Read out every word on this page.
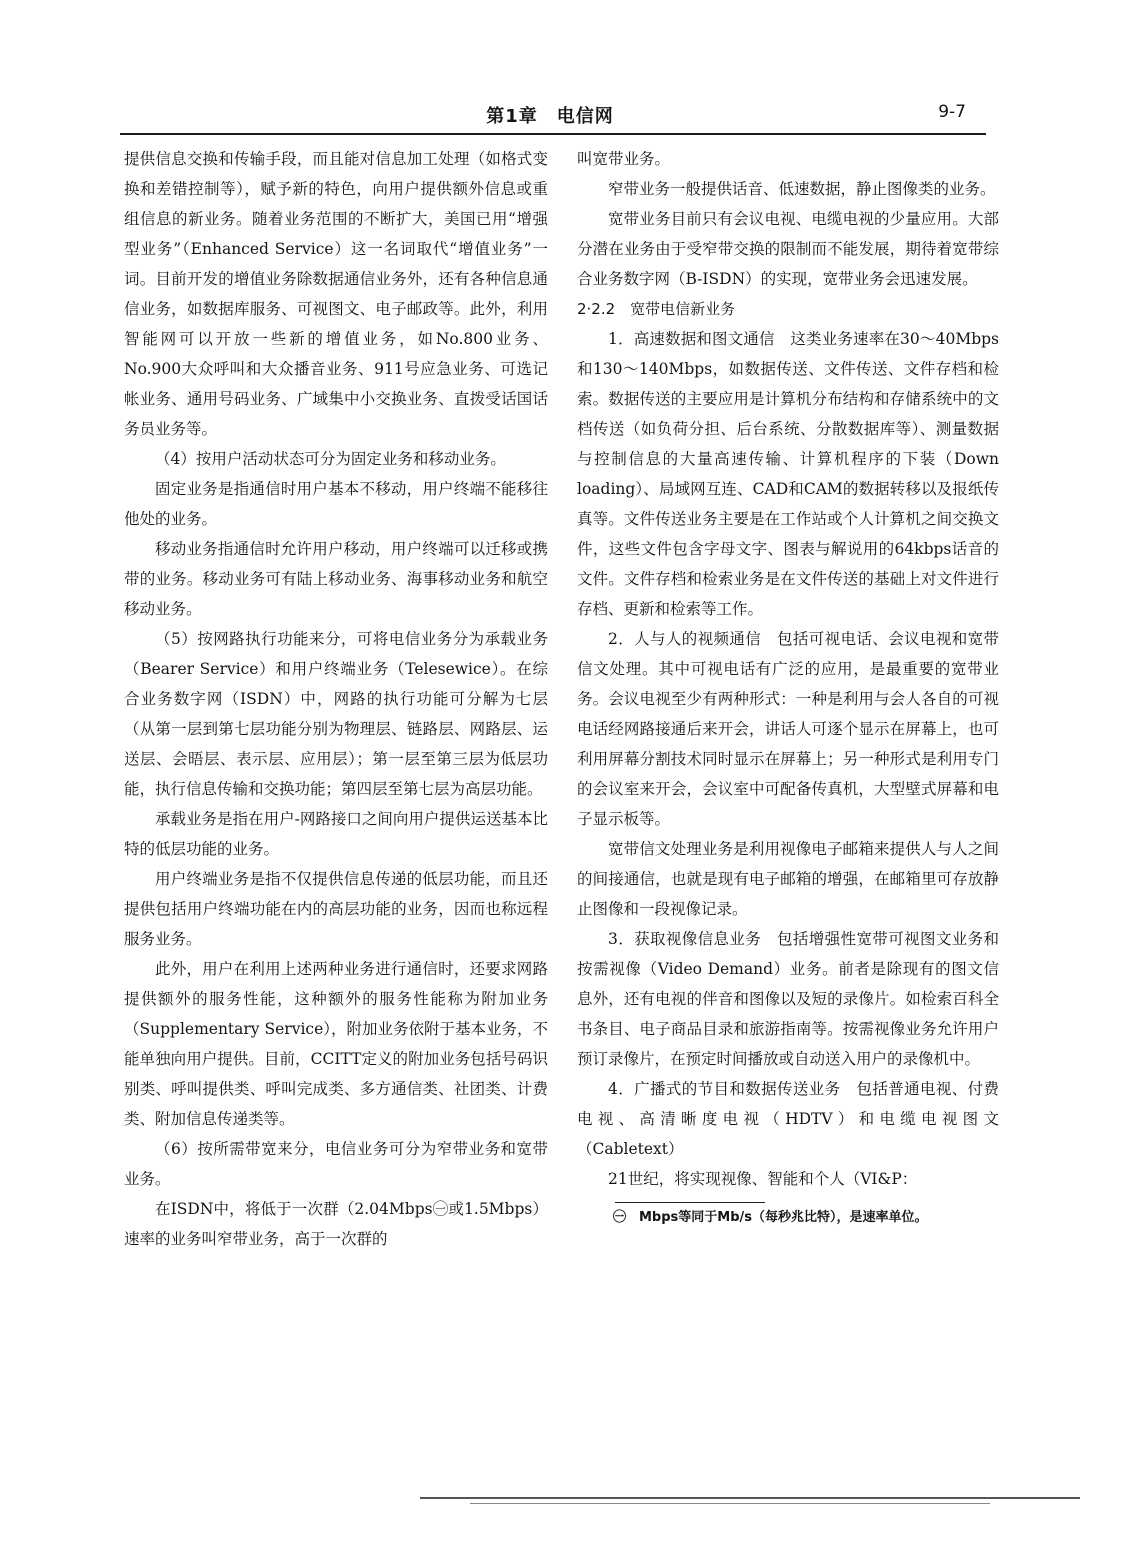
第1章　电信网	9-7

提供信息交换和传输手段，而且能对信息加工处理（如格式变换和差错控制等），赋予新的特色，向用户提供额外信息或重组信息的新业务。随着业务范围的不断扩大，美国已用“增强型业务”（Enhanced Service）这一名词取代“增值业务”一词。目前开发的增值业务除数据通信业务外，还有各种信息通信业务，如数据库服务、可视图文、电子邮政等。此外，利用智能网可以开放一些新的增值业务，如No.800业务、No.900大众呼叫和大众播音业务、911号应急业务、可选记帐业务、通用号码业务、广域集中小交换业务、直拨受话国话务员业务等。

（4）按用户活动状态可分为固定业务和移动业务。

固定业务是指通信时用户基本不移动，用户终端不能移往他处的业务。

移动业务指通信时允许用户移动，用户终端可以迁移或携带的业务。移动业务可有陆上移动业务、海事移动业务和航空移动业务。

（5）按网路执行功能来分，可将电信业务分为承载业务（Bearer Service）和用户终端业务（Telesewice）。在综合业务数字网（ISDN）中，网路的执行功能可分解为七层（从第一层到第七层功能分别为物理层、链路层、网路层、运送层、会晤层、表示层、应用层）；第一层至第三层为低层功能，执行信息传输和交换功能；第四层至第七层为高层功能。

承载业务是指在用户-网路接口之间向用户提供运送基本比特的低层功能的业务。

用户终端业务是指不仅提供信息传递的低层功能，而且还提供包括用户终端功能在内的高层功能的业务，因而也称远程服务业务。

此外，用户在利用上述两种业务进行通信时，还要求网路提供额外的服务性能，这种额外的服务性能称为附加业务（Supplementary Service），附加业务依附于基本业务，不能单独向用户提供。目前，CCITT定义的附加业务包括号码识别类、呼叫提供类、呼叫完成类、多方通信类、社团类、计费类、附加信息传递类等。

（6）按所需带宽来分，电信业务可分为窄带业务和宽带业务。

在ISDN中，将低于一次群（2.04Mbps㊀或1.5Mbps）速率的业务叫窄带业务，高于一次群的

叫宽带业务。

窄带业务一般提供话音、低速数据，静止图像类的业务。

宽带业务目前只有会议电视、电缆电视的少量应用。大部分潜在业务由于受窄带交换的限制而不能发展，期待着宽带综合业务数字网（B-ISDN）的实现，宽带业务会迅速发展。

2·2.2　宽带电信新业务

1．高速数据和图文通信　这类业务速率在30～40Mbps和130～140Mbps，如数据传送、文件传送、文件存档和检索。数据传送的主要应用是计算机分布结构和存储系统中的文档传送（如负荷分担、后台系统、分散数据库等）、测量数据与控制信息的大量高速传输、计算机程序的下装（Down loading）、局域网互连、CAD和CAM的数据转移以及报纸传真等。文件传送业务主要是在工作站或个人计算机之间交换文件，这些文件包含字母文字、图表与解说用的64kbps话音的文件。文件存档和检索业务是在文件传送的基础上对文件进行存档、更新和检索等工作。

2．人与人的视频通信　包括可视电话、会议电视和宽带信文处理。其中可视电话有广泛的应用，是最重要的宽带业务。会议电视至少有两种形式：一种是利用与会人各自的可视电话经网路接通后来开会，讲话人可逐个显示在屏幕上，也可利用屏幕分割技术同时显示在屏幕上；另一种形式是利用专门的会议室来开会，会议室中可配备传真机，大型壁式屏幕和电子显示板等。

宽带信文处理业务是利用视像电子邮箱来提供人与人之间的间接通信，也就是现有电子邮箱的增强，在邮箱里可存放静止图像和一段视像记录。

3．获取视像信息业务　包括增强性宽带可视图文业务和按需视像（Video Demand）业务。前者是除现有的图文信息外，还有电视的伴音和图像以及短的录像片。如检索百科全书条目、电子商品目录和旅游指南等。按需视像业务允许用户预订录像片，在预定时间播放或自动送入用户的录像机中。

4．广播式的节目和数据传送业务　包括普通电视、付费电视、高清晰度电视（HDTV）和电缆电视图文（Cabletext）

21世纪，将实现视像、智能和个人（VI&P：

㊀　Mbps等同于Mb/s（每秒兆比特），是速率单位。
